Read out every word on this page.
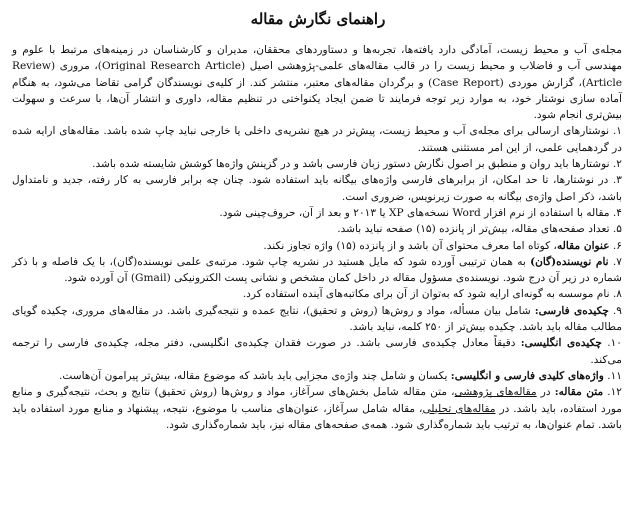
راهنمای نگارش مقاله

مجله‌ی آب و محیط زیست، آمادگی دارد یافته‌ها، تجربه‌ها و دستاوردهای محققان، مدیران و کارشناسان در زمینه‌های مرتبط با علوم و مهندسی آب و فاضلاب و محیط زیست را در قالب مقاله‌های علمی-پژوهشی اصیل (Original Research Article)، مروری (Review Article)، گزارش موردی (Case Report) و برگردان مقاله‌های معتبر، منتشر کند. از کلیه‌ی نویسندگان گرامی تقاضا می‌شود، به هنگام آماده سازی نوشتار خود، به موارد زیر توجه فرمایند تا ضمن ایجاد یکنواختی در تنظیم مقاله، داوری و انتشار آن‌ها، با سرعت و سهولت بیش‌تری انجام شود.

۱. نوشتارهای ارسالی برای مجله‌ی آب و محیط زیست، پیش‌تر در هیچ نشریه‌ی داخلی یا خارجی نباید چاپ شده باشد. مقاله‌های ارایه شده در گردهمایی علمی، از این امر مستثنی هستند.

۲. نوشتارها باید روان و منطبق بر اصول نگارش دستور زبان فارسی باشد و در گزینش واژه‌ها کوشش شایسته شده باشد.

۳. در نوشتارها، تا حد امکان، از برابرهای فارسی واژه‌های بیگانه باید استفاده شود. چنان چه برابر فارسی به کار رفته، جدید و نامتداول باشد، ذکر اصل واژه‌ی بیگانه به صورت زیرنویس، ضروری است.

۴. مقاله با استفاده از نرم افزار Word نسخه‌های XP یا ۲۰۱۳ و بعد از آن، حروف‌چینی شود.

۵. تعداد صفحه‌های مقاله، بیش‌تر از پانزده (۱۵) صفحه نباید باشد.

۶. عنوان مقاله، کوتاه اما معرف محتوای آن باشد و از پانزده (۱۵) واژه تجاوز نکند.

۷. نام نویسنده(گان) به همان ترتیبی آورده شود که مایل هستید در نشریه چاپ شود. مرتبه‌ی علمی نویسنده(گان)، با یک فاصله و با ذکر شماره در زیر آن درج شود. نویسنده‌ی مسؤول مقاله در داخل کمان مشخص و نشانی پست الکترونیکی (Gmail) آن آورده شود.

۸. نام موسسه به گونه‌ای ارایه شود که به‌توان از آن برای مکاتبه‌های آینده استفاده کرد.

۹. چکیده‌ی فارسی: شامل بیان مسأله، مواد و روش‌ها (روش و تحقیق)، نتایج عمده و نتیجه‌گیری باشد. در مقاله‌های مروری، چکیده گویای مطالب مقاله باید باشد. چکیده بیش‌تر از ۲۵۰ کلمه، نباید باشد.

۱۰. چکیده‌ی انگلیسی: دقیقاً معادل چکیده‌ی فارسی باشد. در صورت فقدان چکیده‌ی انگلیسی، دفتر مجله، چکیده‌ی فارسی را ترجمه می‌کند.

۱۱. واژه‌های کلیدی فارسی و انگلیسی: یکسان و شامل چند واژه‌ی مجزایی باید باشد که موضوع مقاله، بیش‌تر پیرامون آن‌هاست.

۱۲. متن مقاله: در مقاله‌های پژوهشی، متن مقاله شامل بخش‌های سرآغاز، مواد و روش‌ها (روش تحقیق) نتایج و بحث، نتیجه‌گیری و منابع مورد استفاده، باید باشد. در مقاله‌های تحلیلی، مقاله شامل سرآغاز، عنوان‌های مناسب با موضوع، نتیجه، پیشنهاد و منابع مورد استفاده باید باشد. تمام عنوان‌ها، به ترتیب باید شماره‌گذاری شود. همه‌ی صفحه‌های مقاله نیز، باید شماره‌گذاری شود.
